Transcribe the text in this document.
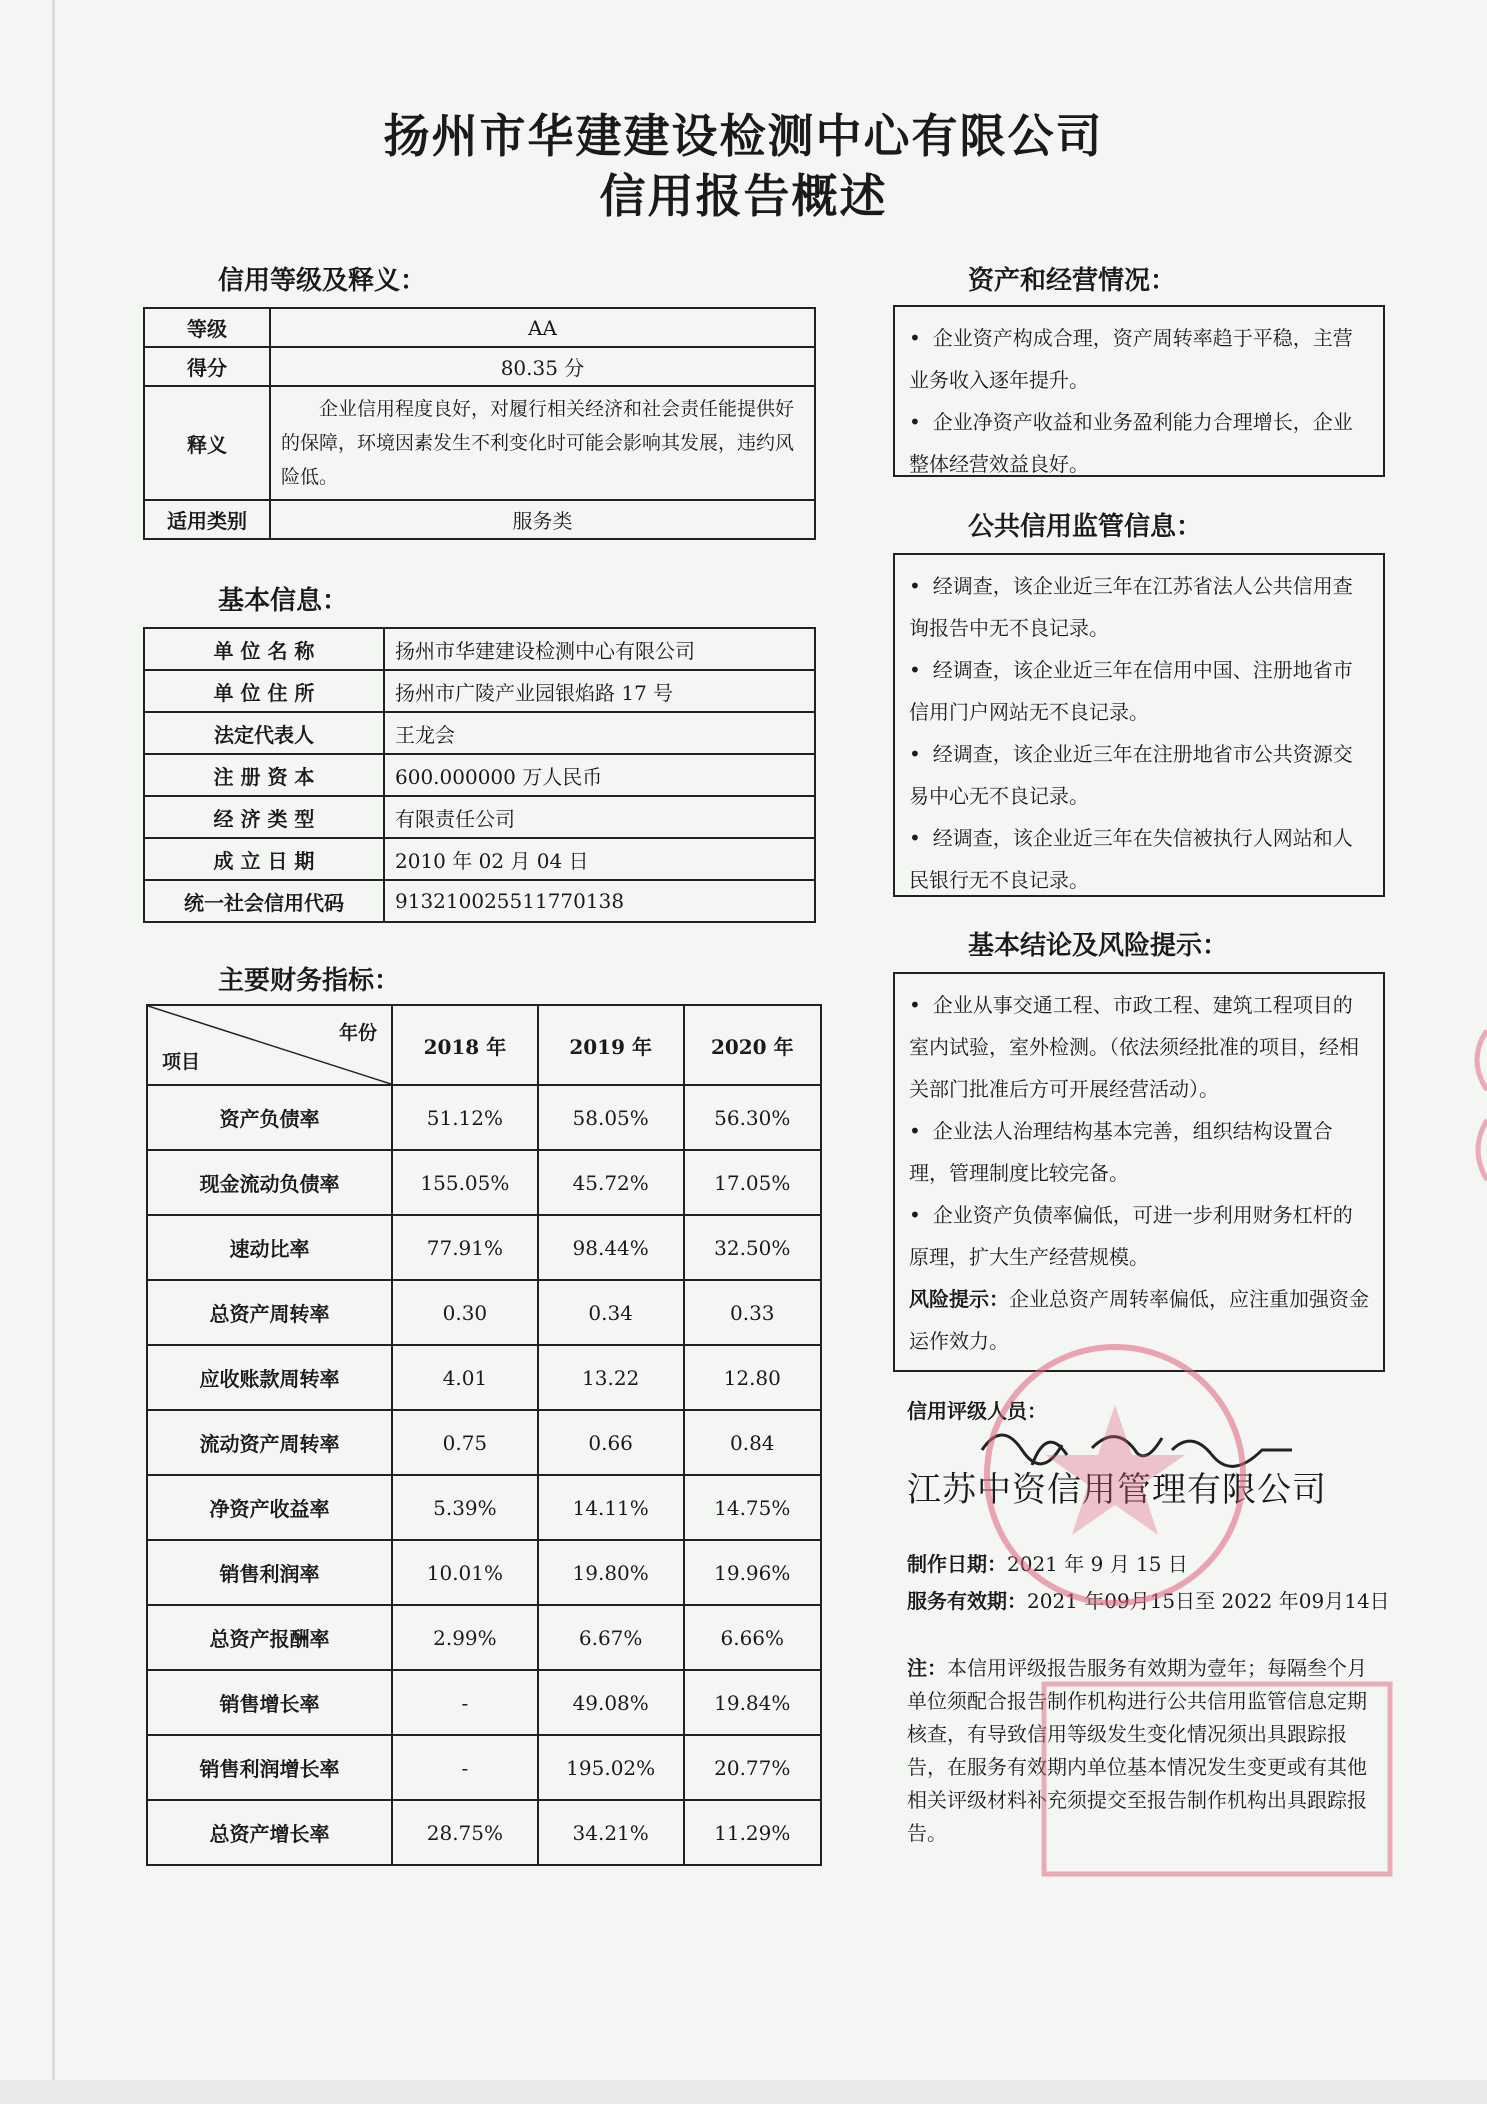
扬州市华建建设检测中心有限公司
信用报告概述
信用等级及释义：
等级	AA
得分	80.35 分
释义	企业信用程度良好，对履行相关经济和社会责任能提供好的保障，环境因素发生不利变化时可能会影响其发展，违约风险低。
适用类别	服务类
基本信息：
单 位 名 称	扬州市华建建设检测中心有限公司
单 位 住 所	扬州市广陵产业园银焰路 17 号
法定代表人	王龙会
注 册 资 本	600.000000 万人民币
经 济 类 型	有限责任公司
成 立 日 期	2010 年 02 月 04 日
统一社会信用代码	913210025511770138
主要财务指标：
年份
项目	2018 年	2019 年	2020 年
资产负债率	51.12%	58.05%	56.30%
现金流动负债率	155.05%	45.72%	17.05%
速动比率	77.91%	98.44%	32.50%
总资产周转率	0.30	0.34	0.33
应收账款周转率	4.01	13.22	12.80
流动资产周转率	0.75	0.66	0.84
净资产收益率	5.39%	14.11%	14.75%
销售利润率	10.01%	19.80%	19.96%
总资产报酬率	2.99%	6.67%	6.66%
销售增长率	-	49.08%	19.84%
销售利润增长率	-	195.02%	20.77%
总资产增长率	28.75%	34.21%	11.29%
资产和经营情况：

• 企业资产构成合理，资产周转率趋于平稳，主营业务收入逐年提升。

• 企业净资产收益和业务盈利能力合理增长，企业整体经营效益良好。

公共信用监管信息：

• 经调查，该企业近三年在江苏省法人公共信用查询报告中无不良记录。

• 经调查，该企业近三年在信用中国、注册地省市信用门户网站无不良记录。

• 经调查，该企业近三年在注册地省市公共资源交易中心无不良记录。

• 经调查，该企业近三年在失信被执行人网站和人民银行无不良记录。

基本结论及风险提示：

• 企业从事交通工程、市政工程、建筑工程项目的室内试验，室外检测。（依法须经批准的项目，经相关部门批准后方可开展经营活动）。

• 企业法人治理结构基本完善，组织结构设置合理，管理制度比较完备。

• 企业资产负债率偏低，可进一步利用财务杠杆的原理，扩大生产经营规模。

风险提示：企业总资产周转率偏低，应注重加强资金运作效力。

信用评级人员：
江苏中资信用管理有限公司
制作日期：2021 年 9 月 15 日
服务有效期：2021 年09月15日至 2022 年09月14日
注：本信用评级报告服务有效期为壹年；每隔叁个月单位须配合报告制作机构进行公共信用监管信息定期核查，有导致信用等级发生变化情况须出具跟踪报告，在服务有效期内单位基本情况发生变更或有其他相关评级材料补充须提交至报告制作机构出具跟踪报告。
